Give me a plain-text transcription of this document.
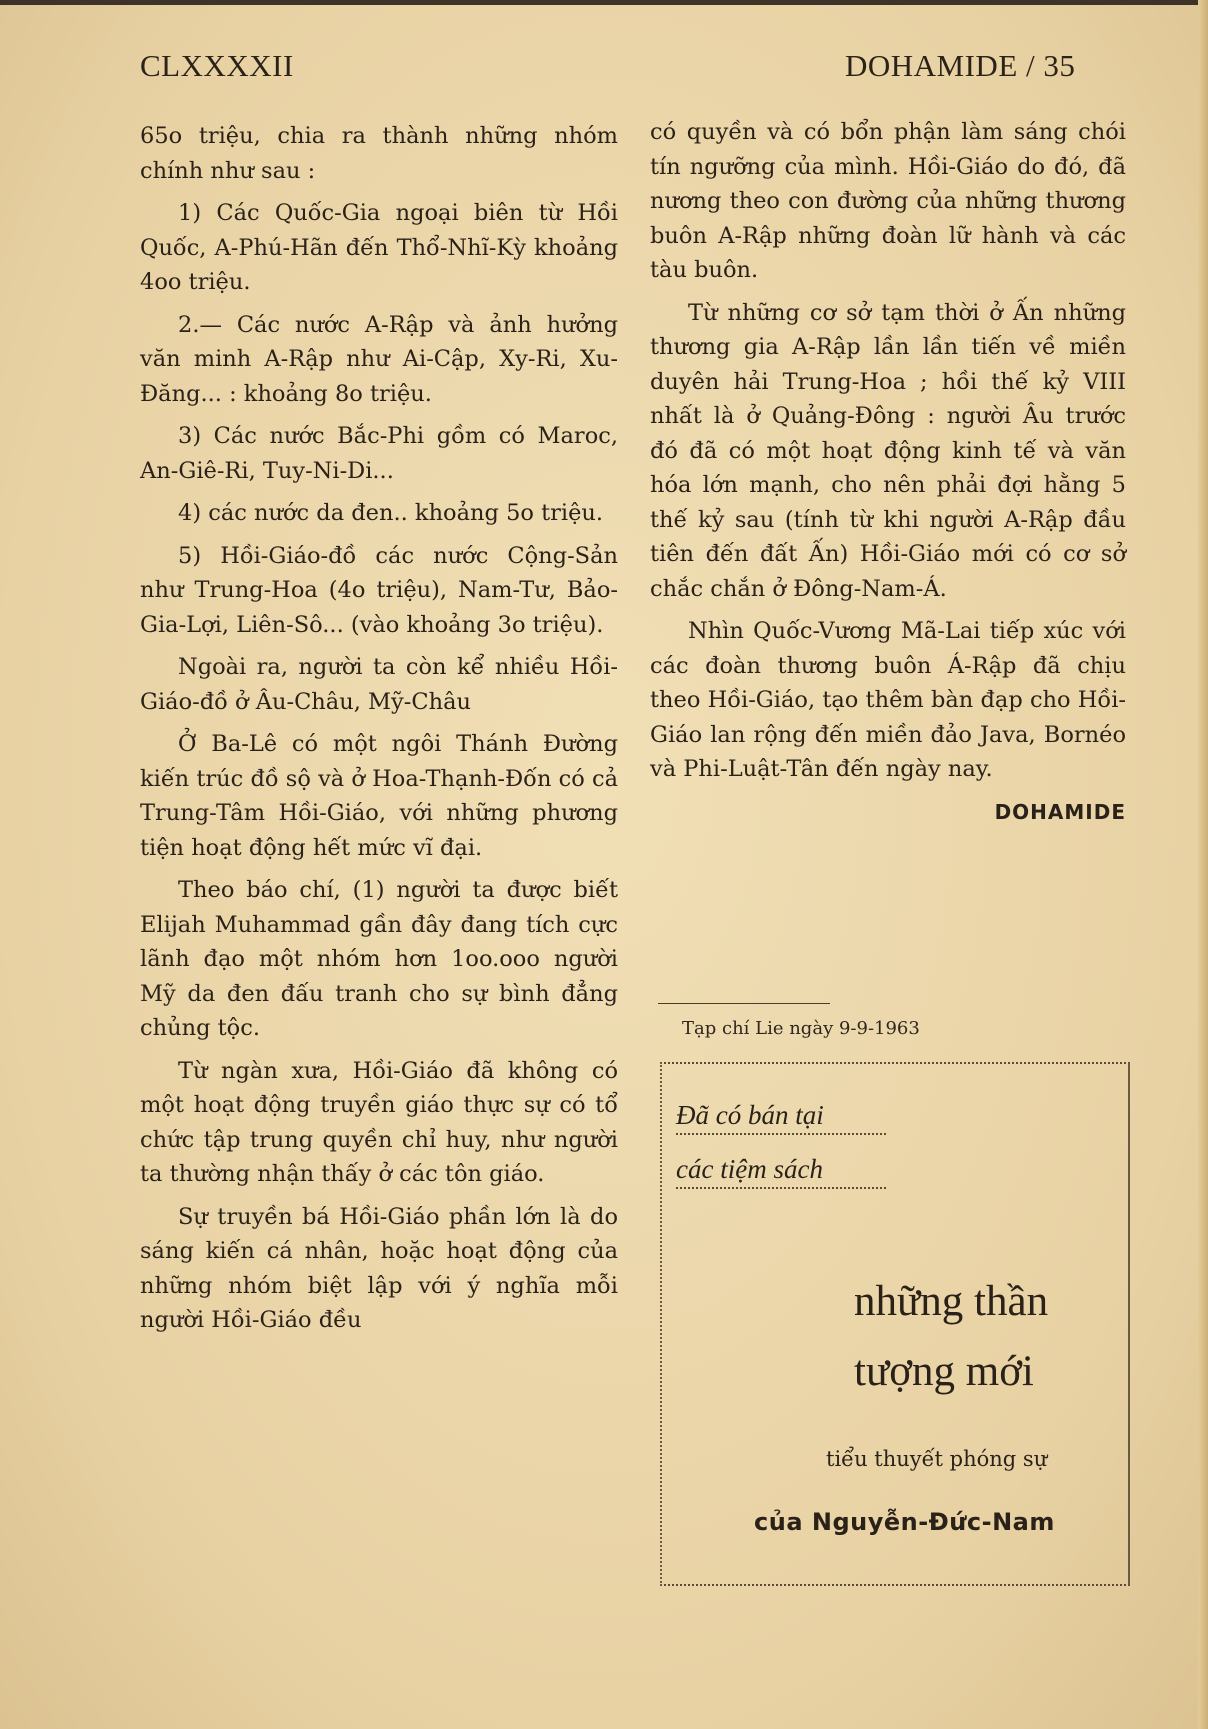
CLXXXXII	DOHAMIDE / 35

65o triệu, chia ra thành những nhóm chính như sau :

1) Các Quốc-Gia ngoại biên từ Hồi Quốc, A-Phú-Hãn đến Thổ-Nhĩ-Kỳ khoảng 4oo triệu.

2.— Các nước A-Rập và ảnh hưởng văn minh A-Rập như Ai-Cập, Xy-Ri, Xu-Đăng... : khoảng 8o triệu.

3) Các nước Bắc-Phi gồm có Maroc, An-Giê-Ri, Tuy-Ni-Di...

4) các nước da đen.. khoảng 5o triệu.

5) Hồi-Giáo-đồ các nước Cộng-Sản như Trung-Hoa (4o triệu), Nam-Tư, Bảo-Gia-Lợi, Liên-Sô... (vào khoảng 3o triệu).

Ngoài ra, người ta còn kể nhiều Hồi-Giáo-đồ ở Âu-Châu, Mỹ-Châu

Ở Ba-Lê có một ngôi Thánh Đường kiến trúc đồ sộ và ở Hoa-Thạnh-Đốn có cả Trung-Tâm Hồi-Giáo, với những phương tiện hoạt động hết mức vĩ đại.

Theo báo chí, (1) người ta được biết Elijah Muhammad gần đây đang tích cực lãnh đạo một nhóm hơn 1oo.ooo người Mỹ da đen đấu tranh cho sự bình đẳng chủng tộc.

Từ ngàn xưa, Hồi-Giáo đã không có một hoạt động truyền giáo thực sự có tổ chức tập trung quyền chỉ huy, như người ta thường nhận thấy ở các tôn giáo.

Sự truyền bá Hồi-Giáo phần lớn là do sáng kiến cá nhân, hoặc hoạt động của những nhóm biệt lập với ý nghĩa mỗi người Hồi-Giáo đều

có quyền và có bổn phận làm sáng chói tín ngưỡng của mình. Hồi-Giáo do đó, đã nương theo con đường của những thương buôn A-Rập những đoàn lữ hành và các tàu buôn.

Từ những cơ sở tạm thời ở Ấn những thương gia A-Rập lần lần tiến về miền duyên hải Trung-Hoa ; hồi thế kỷ VIII nhất là ở Quảng-Đông : người Âu trước đó đã có một hoạt động kinh tế và văn hóa lớn mạnh, cho nên phải đợi hằng 5 thế kỷ sau (tính từ khi người A-Rập đầu tiên đến đất Ấn) Hồi-Giáo mới có cơ sở chắc chắn ở Đông-Nam-Á.

Nhìn Quốc-Vương Mã-Lai tiếp xúc với các đoàn thương buôn Á-Rập đã chịu theo Hồi-Giáo, tạo thêm bàn đạp cho Hồi-Giáo lan rộng đến miền đảo Java, Bornéo và Phi-Luật-Tân đến ngày nay.

DOHAMIDE
Tạp chí Lie ngày 9-9-1963
Đã có bán tại
các tiệm sách
những thần
tượng mới
tiểu thuyết phóng sự
của Nguyễn-Đức-Nam
